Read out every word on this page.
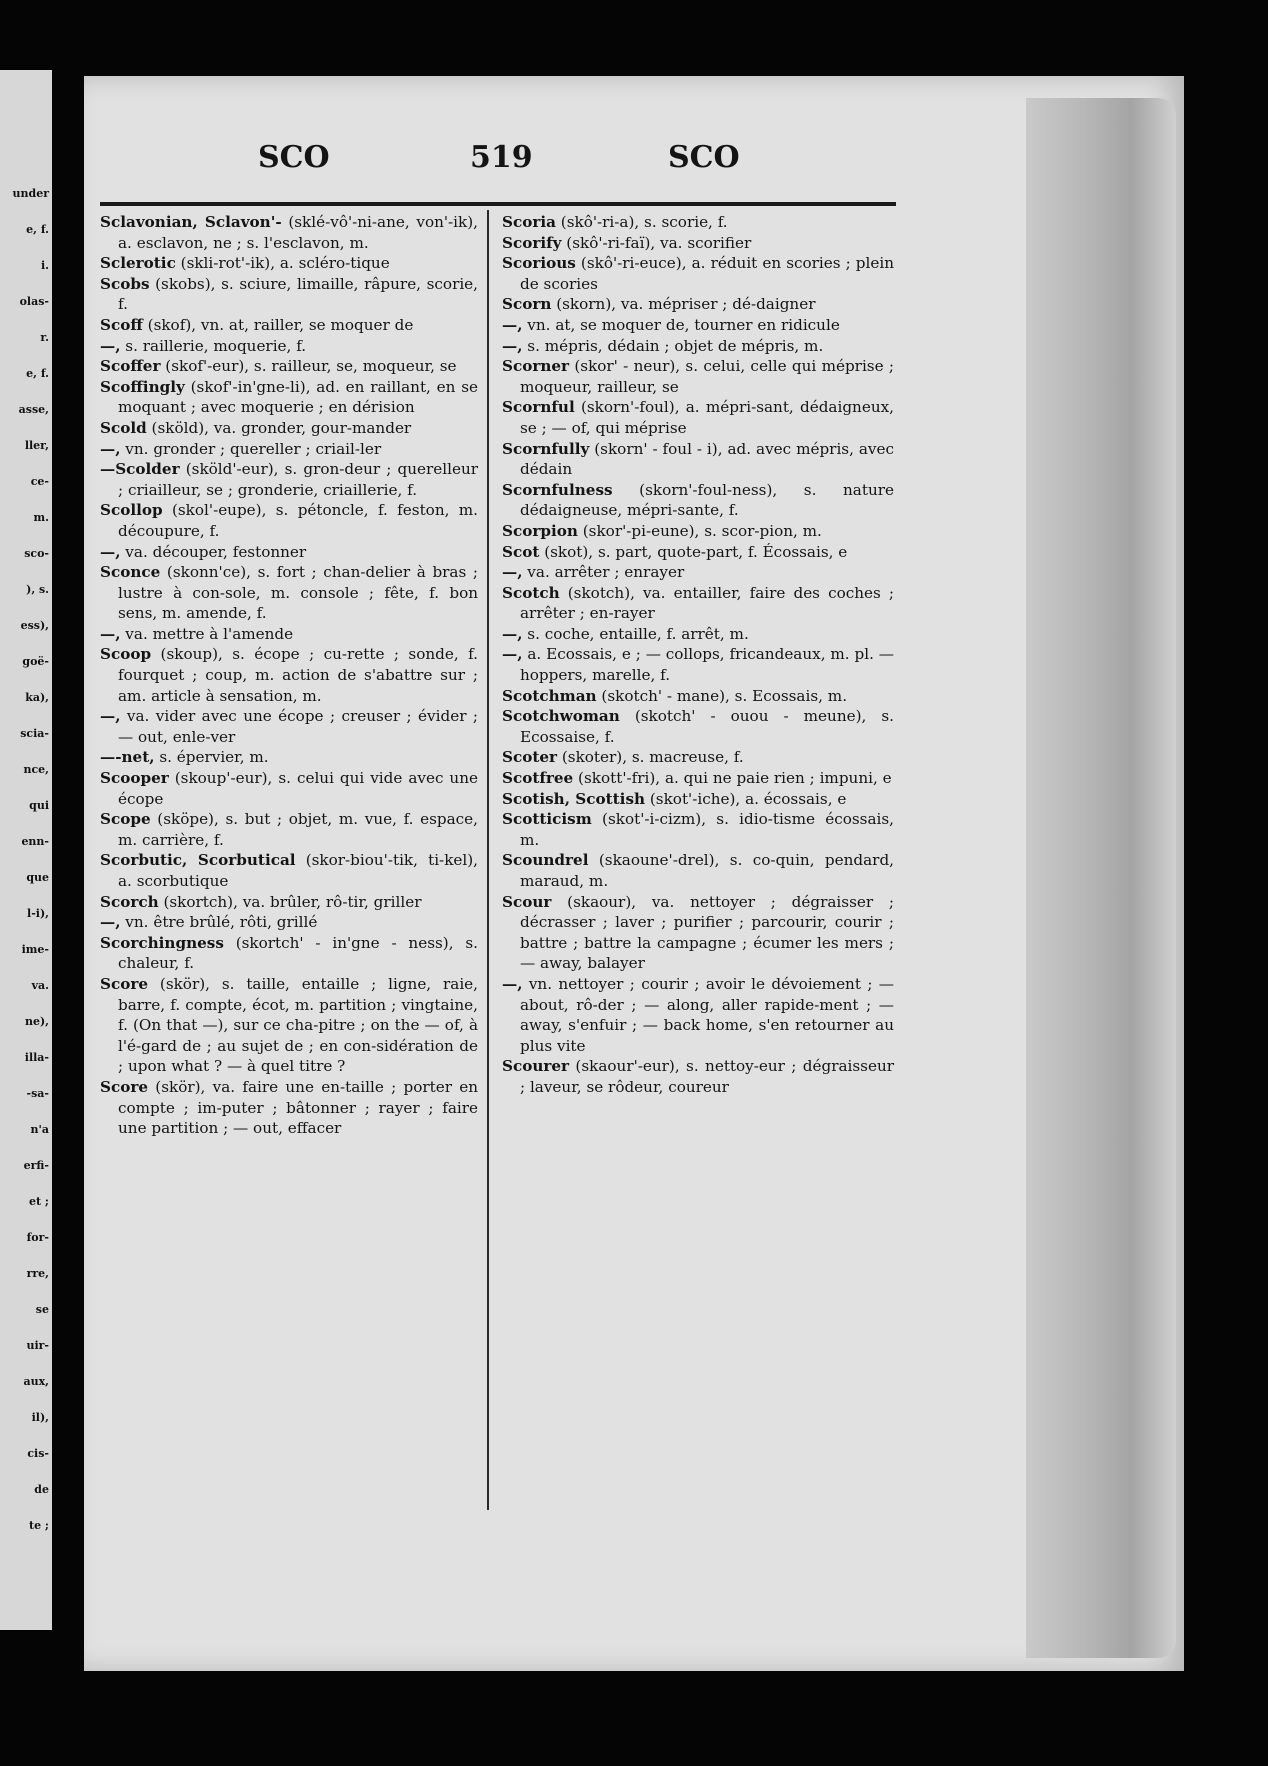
under
e, f.
i.
olas-
r.
e, f.
asse,
ller,
ce-
m.
sco-
), s.
ess),
goë-
ka),
scia-
nce,
qui
enn-
que
l-i),
ime-
va.
ne),
illa-
-sa-
n'a
erfi-
et ;
for-
rre,
se
uir-
aux,
il),
cis-
de
te ;
SCO	519	SCO
Sclavonian, Sclavon'- (sklé-vô'-ni-ane, von'-ik), a. esclavon, ne ; s. l'esclavon, m.
Sclerotic (skli-rot'-ik), a. scléro-tique
Scobs (skobs), s. sciure, limaille, râpure, scorie, f.
Scoff (skof), vn. at, railler, se moquer de
—, s. raillerie, moquerie, f.
Scoffer (skof'-eur), s. railleur, se, moqueur, se
Scoffingly (skof'-in'gne-li), ad. en raillant, en se moquant ; avec moquerie ; en dérision
Scold (sköld), va. gronder, gour-mander
—, vn. gronder ; quereller ; criail-ler
—Scolder (sköld'-eur), s. gron-deur ; querelleur ; criailleur, se ; gronderie, criaillerie, f.
Scollop (skol'-eupe), s. pétoncle, f. feston, m. découpure, f.
—, va. découper, festonner
Sconce (skonn'ce), s. fort ; chan-delier à bras ; lustre à con-sole, m. console ; fête, f. bon sens, m. amende, f.
—, va. mettre à l'amende
Scoop (skoup), s. écope ; cu-rette ; sonde, f. fourquet ; coup, m. action de s'abattre sur ; am. article à sensation, m.
—, va. vider avec une écope ; creuser ; évider ; — out, enle-ver
—-net, s. épervier, m.
Scooper (skoup'-eur), s. celui qui vide avec une écope
Scope (sköpe), s. but ; objet, m. vue, f. espace, m. carrière, f.
Scorbutic, Scorbutical (skor-biou'-tik, ti-kel), a. scorbutique
Scorch (skortch), va. brûler, rô-tir, griller
—, vn. être brûlé, rôti, grillé
Scorchingness (skortch' - in'gne - ness), s. chaleur, f.
Score (skör), s. taille, entaille ; ligne, raie, barre, f. compte, écot, m. partition ; vingtaine, f. (On that —), sur ce cha-pitre ; on the — of, à l'é-gard de ; au sujet de ; en con-sidération de ; upon what ? — à quel titre ?
Score (skör), va. faire une en-taille ; porter en compte ; im-puter ; bâtonner ; rayer ; faire une partition ; — out, effacer
Scoria (skô'-ri-a), s. scorie, f.
Scorify (skô'-ri-faï), va. scorifier
Scorious (skô'-ri-euce), a. réduit en scories ; plein de scories
Scorn (skorn), va. mépriser ; dé-daigner
—, vn. at, se moquer de, tourner en ridicule
—, s. mépris, dédain ; objet de mépris, m.
Scorner (skor' - neur), s. celui, celle qui méprise ; moqueur, railleur, se
Scornful (skorn'-foul), a. mépri-sant, dédaigneux, se ; — of, qui méprise
Scornfully (skorn' - foul - i), ad. avec mépris, avec dédain
Scornfulness (skorn'-foul-ness), s. nature dédaigneuse, mépri-sante, f.
Scorpion (skor'-pi-eune), s. scor-pion, m.
Scot (skot), s. part, quote-part, f. Écossais, e
—, va. arrêter ; enrayer
Scotch (skotch), va. entailler, faire des coches ; arrêter ; en-rayer
—, s. coche, entaille, f. arrêt, m.
—, a. Ecossais, e ; — collops, fricandeaux, m. pl. — hoppers, marelle, f.
Scotchman (skotch' - mane), s. Ecossais, m.
Scotchwoman (skotch' - ouou - meune), s. Ecossaise, f.
Scoter (skoter), s. macreuse, f.
Scotfree (skott'-fri), a. qui ne paie rien ; impuni, e
Scotish, Scottish (skot'-iche), a. écossais, e
Scotticism (skot'-i-cizm), s. idio-tisme écossais, m.
Scoundrel (skaoune'-drel), s. co-quin, pendard, maraud, m.
Scour (skaour), va. nettoyer ; dégraisser ; décrasser ; laver ; purifier ; parcourir, courir ; battre ; battre la campagne ; écumer les mers ; — away, balayer
—, vn. nettoyer ; courir ; avoir le dévoiement ; — about, rô-der ; — along, aller rapide-ment ; — away, s'enfuir ; — back home, s'en retourner au plus vite
Scourer (skaour'-eur), s. nettoy-eur ; dégraisseur ; laveur, se rôdeur, coureur
